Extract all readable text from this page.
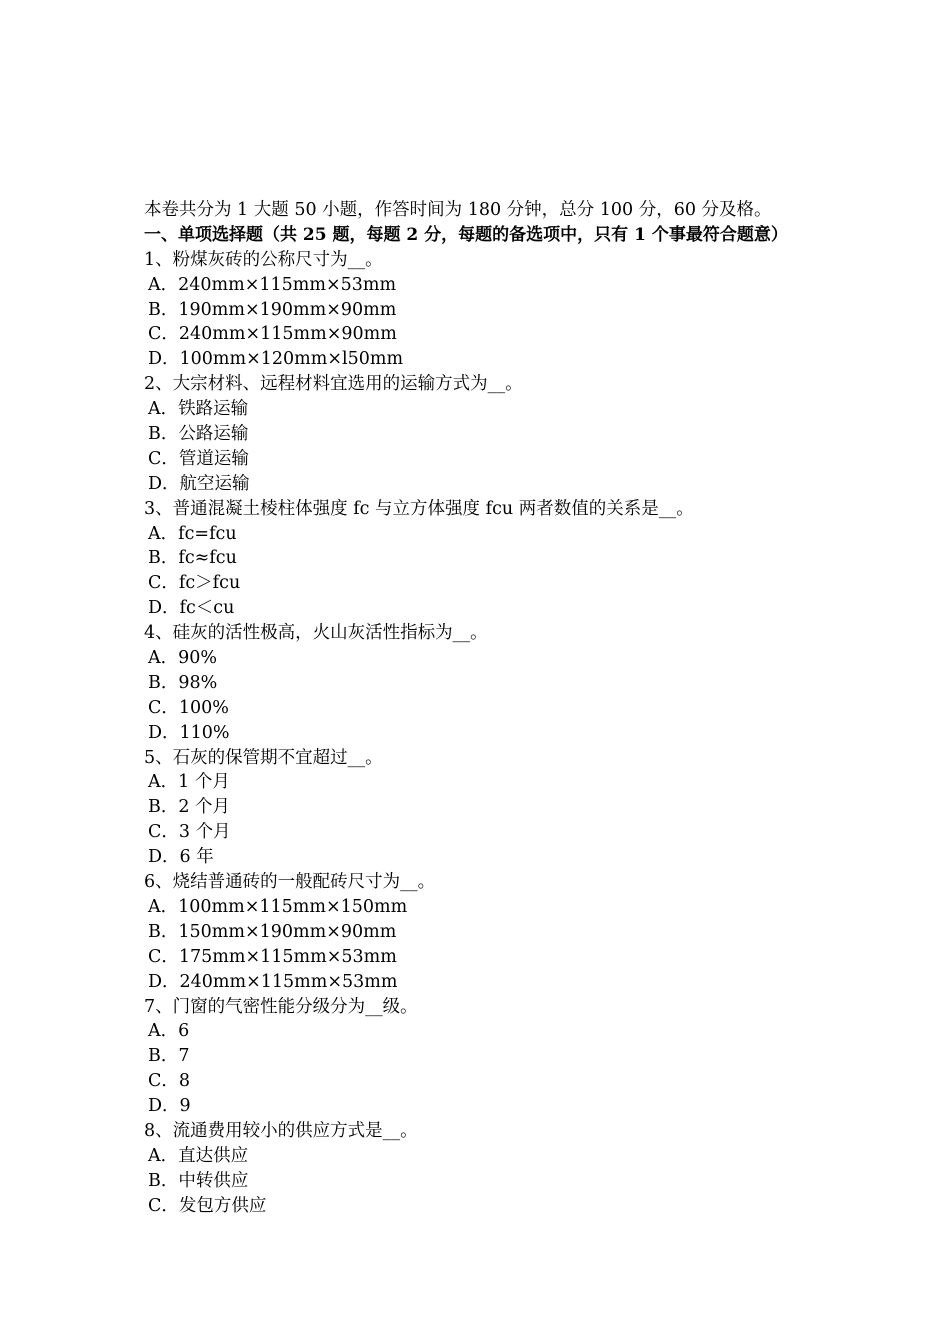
本卷共分为 1 大题 50 小题，作答时间为 180 分钟，总分 100 分，60 分及格。
一、单项选择题（共 25 题，每题 2 分，每题的备选项中，只有 1 个事最符合题意）
1、粉煤灰砖的公称尺寸为__。
A．240mm×115mm×53mm
B．190mm×190mm×90mm
C．240mm×115mm×90mm
D．100mm×120mm×l50mm
2、大宗材料、远程材料宜选用的运输方式为__。
A．铁路运输
B．公路运输
C．管道运输
D．航空运输
3、普通混凝土棱柱体强度 fc 与立方体强度 fcu 两者数值的关系是__。
A．fc=fcu
B．fc≈fcu
C．fc＞fcu
D．fc＜cu
4、硅灰的活性极高，火山灰活性指标为__。
A．90%
B．98%
C．100%
D．110%
5、石灰的保管期不宜超过__。
A．1 个月
B．2 个月
C．3 个月
D．6 年
6、烧结普通砖的一般配砖尺寸为__。
A．100mm×115mm×150mm
B．150mm×190mm×90mm
C．175mm×115mm×53mm
D．240mm×115mm×53mm
7、门窗的气密性能分级分为__级。
A．6
B．7
C．8
D．9
8、流通费用较小的供应方式是__。
A．直达供应
B．中转供应
C．发包方供应
